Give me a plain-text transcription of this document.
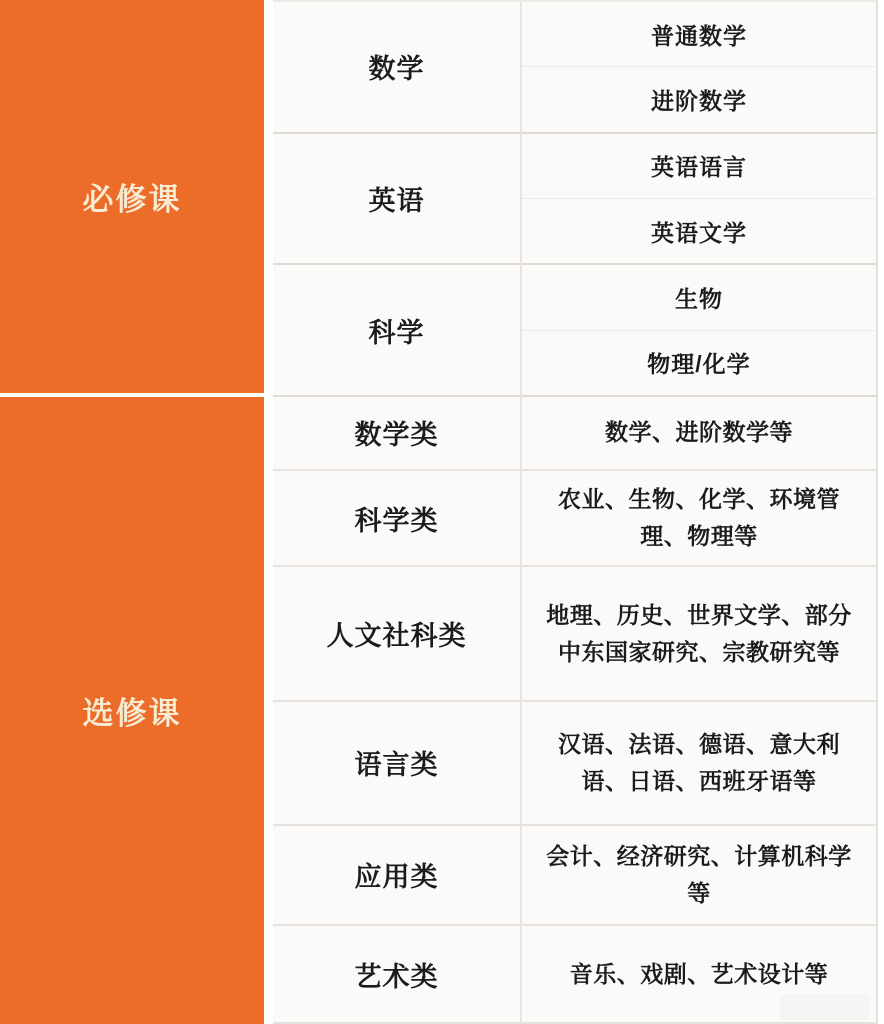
必修课
选修课
数学
英语
科学
普通数学
进阶数学
英语语言
英语文学
生物
物理/化学
数学类	数学、进阶数学等
科学类
农业、生物、化学、环境管理、物理等
人文社科类
地理、历史、世界文学、部分中东国家研究、宗教研究等
语言类
汉语、法语、德语、意大利语、日语、西班牙语等
应用类
会计、经济研究、计算机科学等
艺术类	音乐、戏剧、艺术设计等
